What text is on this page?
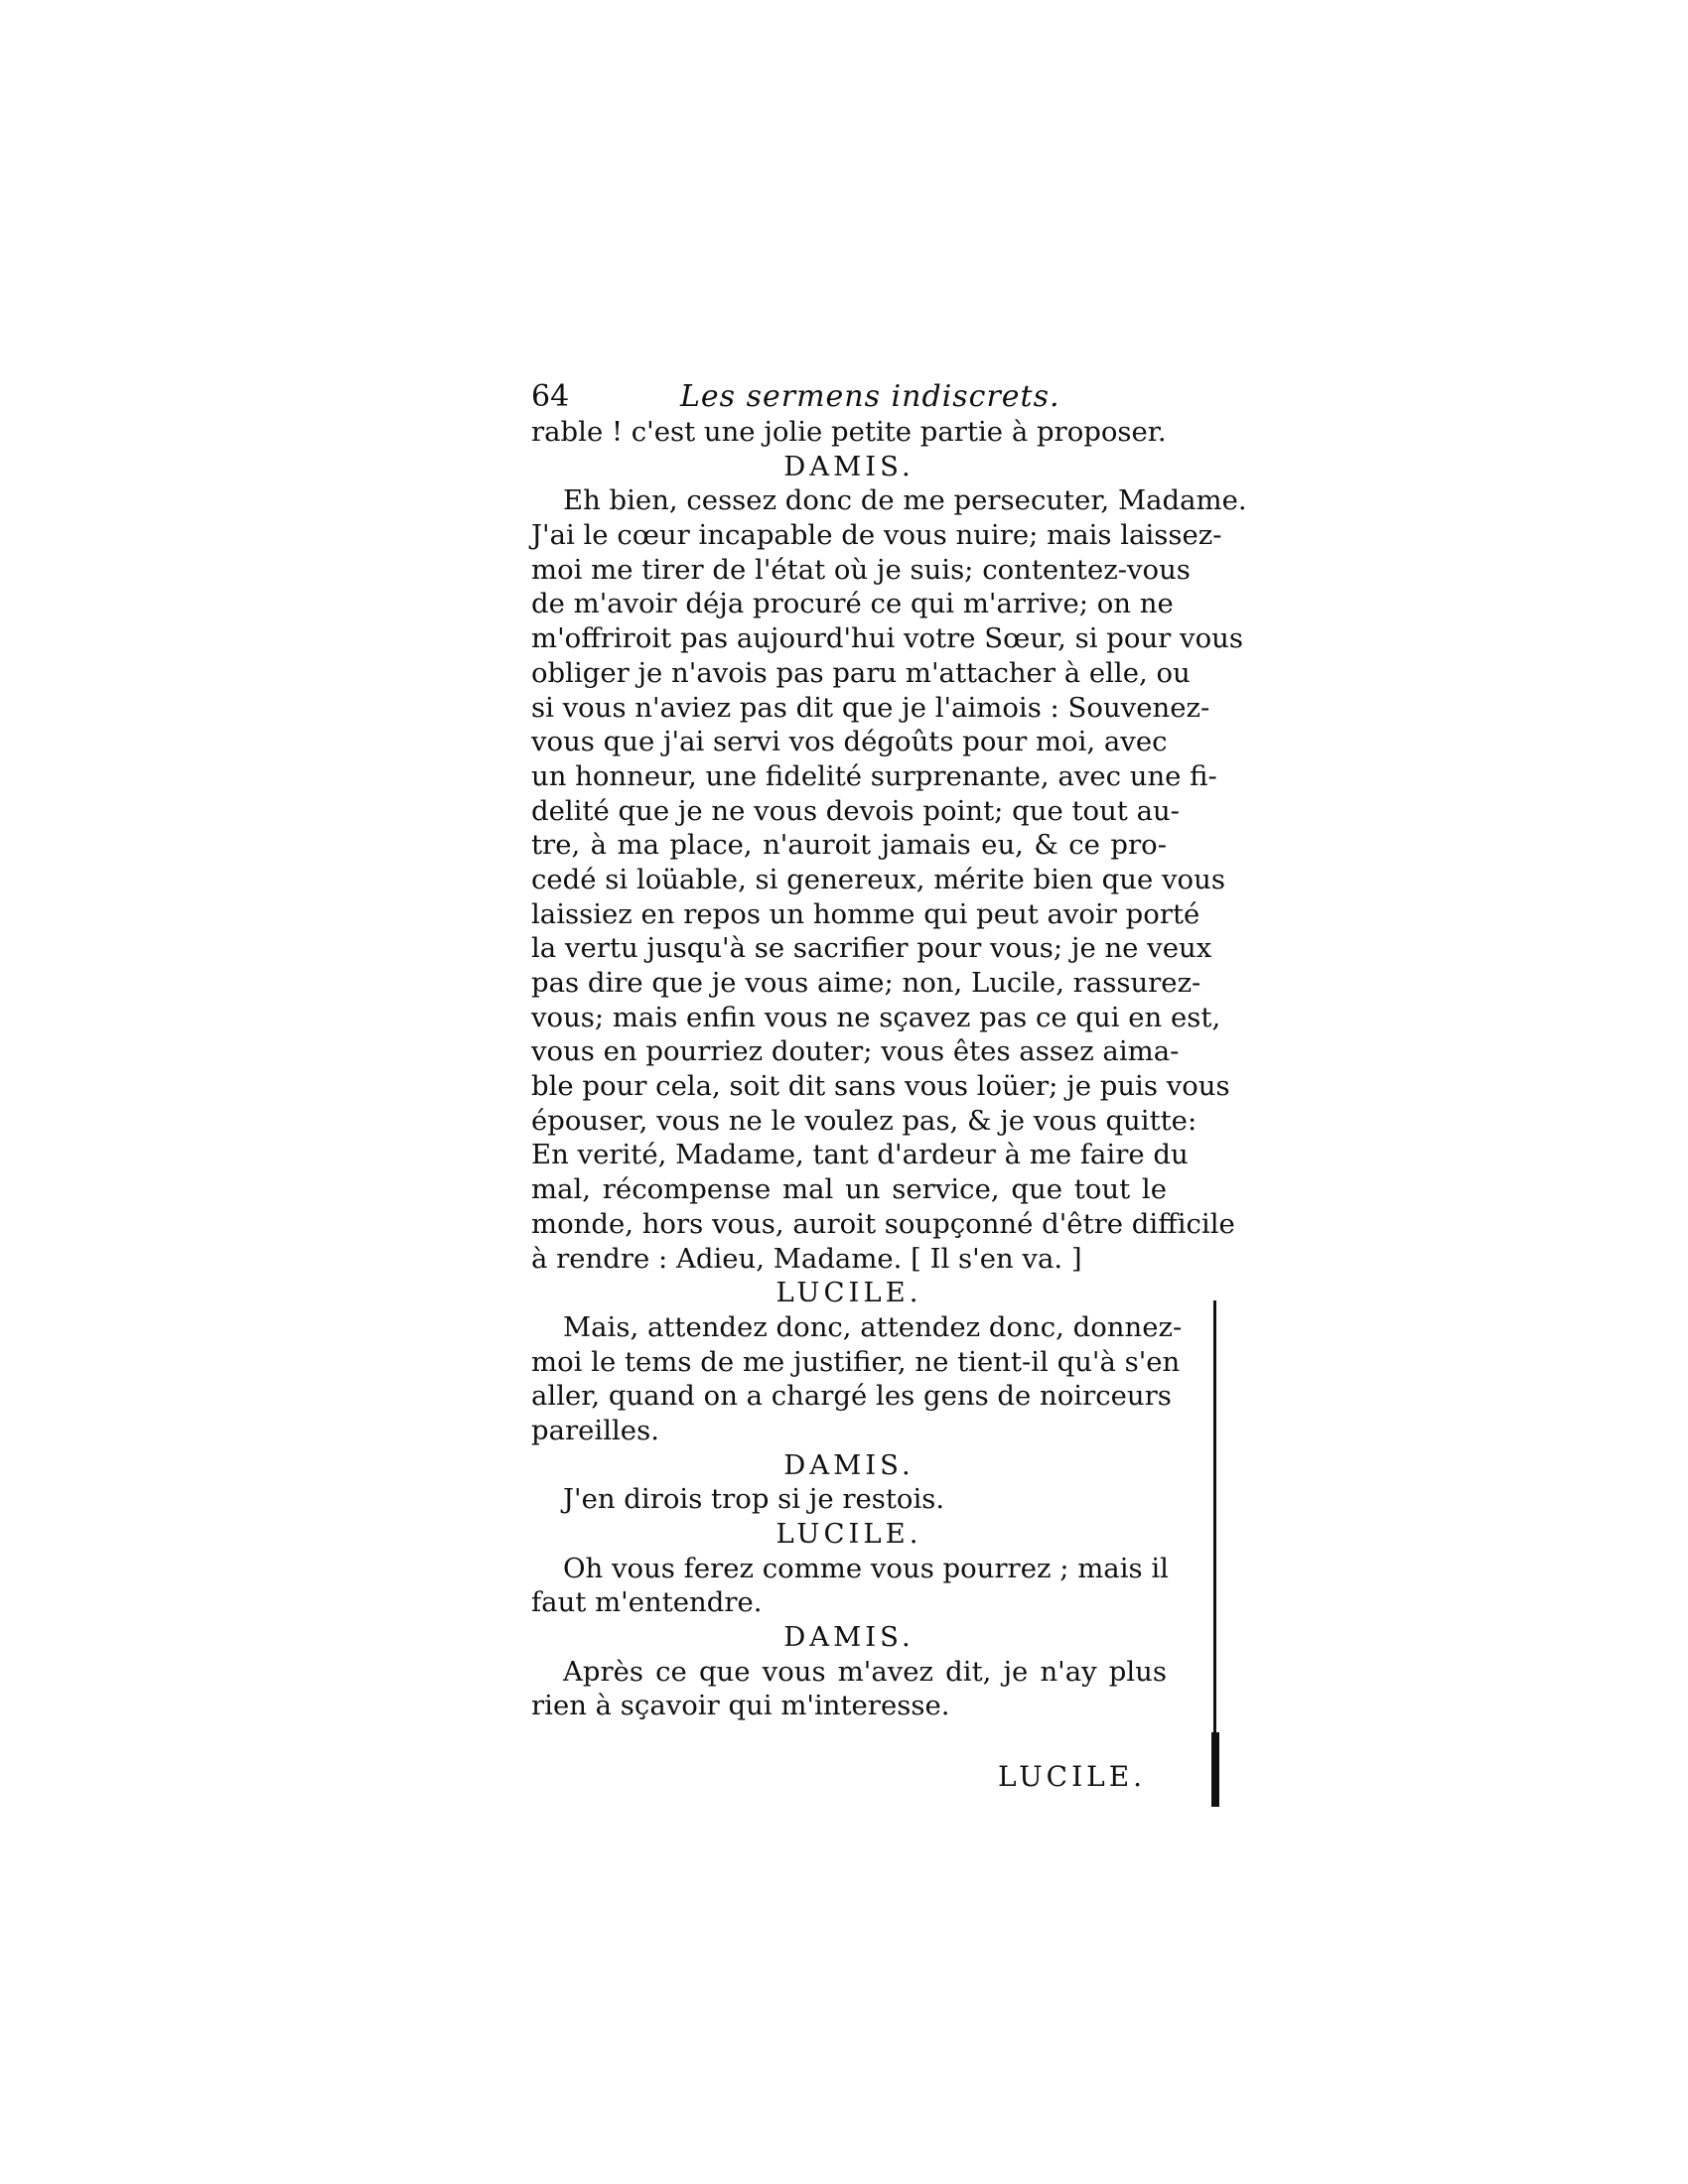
64	Les sermens indiscrets.
rable ! c'est une jolie petite partie à proposer.
DAMIS.
Eh bien, cessez donc de me persecuter, Madame.
J'ai le cœur incapable de vous nuire; mais laissez-
moi me tirer de l'état où je suis; contentez-vous
de m'avoir déja procuré ce qui m'arrive; on ne
m'offriroit pas aujourd'hui votre Sœur, si pour vous
obliger je n'avois pas paru m'attacher à elle, ou
si vous n'aviez pas dit que je l'aimois : Souvenez-
vous que j'ai servi vos dégoûts pour moi, avec
un honneur, une fidelité surprenante, avec une fi-
delité que je ne vous devois point; que tout au-
tre, à ma place, n'auroit jamais eu, & ce pro-
cedé si loüable, si genereux, mérite bien que vous
laissiez en repos un homme qui peut avoir porté
la vertu jusqu'à se sacrifier pour vous; je ne veux
pas dire que je vous aime; non, Lucile, rassurez-
vous; mais enfin vous ne sçavez pas ce qui en est,
vous en pourriez douter; vous êtes assez aima-
ble pour cela, soit dit sans vous loüer; je puis vous
épouser, vous ne le voulez pas, & je vous quitte:
En verité, Madame, tant d'ardeur à me faire du
mal, récompense mal un service, que tout le
monde, hors vous, auroit soupçonné d'être difficile
à rendre : Adieu, Madame. [ Il s'en va. ]
LUCILE.
Mais, attendez donc, attendez donc, donnez-
moi le tems de me justifier, ne tient-il qu'à s'en
aller, quand on a chargé les gens de noirceurs
pareilles.
DAMIS.
J'en dirois trop si je restois.
LUCILE.
Oh vous ferez comme vous pourrez ; mais il
faut m'entendre.
DAMIS.
Après ce que vous m'avez dit, je n'ay plus
rien à sçavoir qui m'interesse.
LUCILE.
